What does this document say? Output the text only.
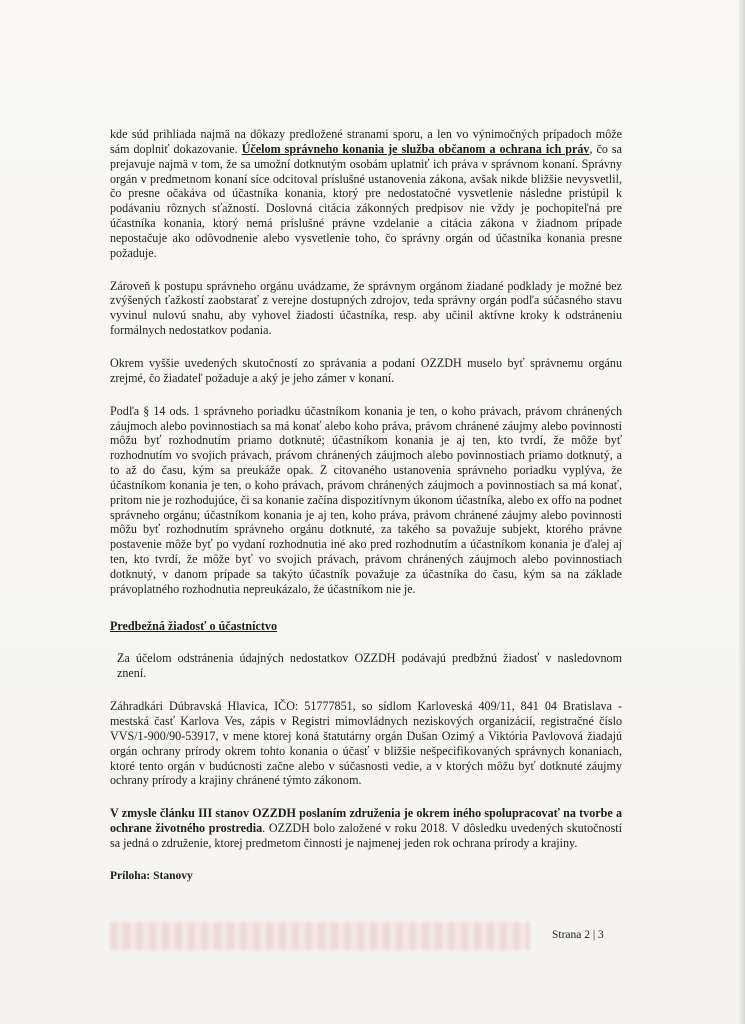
kde súd prihliada najmä na dôkazy predložené stranami sporu, a len vo výnimočných prípadoch môže sám doplniť dokazovanie. Účelom správneho konania je služba občanom a ochrana ich práv, čo sa prejavuje najmä v tom, že sa umožní dotknutým osobám uplatniť ich práva v správnom konaní. Správny orgán v predmetnom konaní síce odcitoval príslušné ustanovenia zákona, avšak nikde bližšie nevysvetlil, čo presne očakáva od účastníka konania, ktorý pre nedostatočné vysvetlenie následne pristúpil k podávaniu rôznych sťažností. Doslovná citácia zákonných predpisov nie vždy je pochopiteľná pre účastníka konania, ktorý nemá príslušné právne vzdelanie a citácia zákona v žiadnom prípade nepostačuje ako odôvodnenie alebo vysvetlenie toho, čo správny orgán od účastníka konania presne požaduje.

Zároveň k postupu správneho orgánu uvádzame, že správnym orgánom žiadané podklady je možné bez zvýšených ťažkostí zaobstarať z verejne dostupných zdrojov, teda správny orgán podľa súčasného stavu vyvinul nulovú snahu, aby vyhovel žiadosti účastníka, resp. aby učinil aktívne kroky k odstráneniu formálnych nedostatkov podania.

Okrem vyššie uvedených skutočností zo správania a podaní OZZDH muselo byť správnemu orgánu zrejmé, čo žiadateľ požaduje a aký je jeho zámer v konaní.

Podľa § 14 ods. 1 správneho poriadku účastníkom konania je ten, o koho právach, právom chránených záujmoch alebo povinnostiach sa má konať alebo koho práva, právom chránené záujmy alebo povinnosti môžu byť rozhodnutím priamo dotknuté; účastníkom konania je aj ten, kto tvrdí, že môže byť rozhodnutím vo svojich právach, právom chránených záujmoch alebo povinnostiach priamo dotknutý, a to až do času, kým sa preukáže opak. Z citovaného ustanovenia správneho poriadku vyplýva, že účastníkom konania je ten, o koho právach, právom chránených záujmoch a povinnostiach sa má konať, pritom nie je rozhodujúce, či sa konanie začína dispozitívnym úkonom účastníka, alebo ex offo na podnet správneho orgánu; účastníkom konania je aj ten, koho práva, právom chránené záujmy alebo povinnosti môžu byť rozhodnutím správneho orgánu dotknuté, za takého sa považuje subjekt, ktorého právne postavenie môže byť po vydaní rozhodnutia iné ako pred rozhodnutím a účastníkom konania je ďalej aj ten, kto tvrdí, že môže byť vo svojich právach, právom chránených záujmoch alebo povinnostiach dotknutý, v danom prípade sa takýto účastník považuje za účastníka do času, kým sa na základe právoplatného rozhodnutia nepreukázalo, že účastníkom nie je.

Predbežná žiadosť o účastníctvo

Za účelom odstránenia údajných nedostatkov OZZDH podávajú predbžnú žiadosť v nasledovnom znení.

Záhradkári Dúbravská Hlavica, IČO: 51777851, so sídlom Karloveská 409/11, 841 04 Bratislava - mestská časť Karlova Ves, zápis v Registri mimovládnych neziskových organizácií, registračné číslo VVS/1-900/90-53917, v mene ktorej koná štatutárny orgán Dušan Ozimý a Viktória Pavlovová žiadajú orgán ochrany prírody okrem tohto konania o účasť v bližšie nešpecifikovaných správnych konaniach, ktoré tento orgán v budúcnosti začne alebo v súčasnosti vedie, a v ktorých môžu byť dotknuté záujmy ochrany prírody a krajiny chránené týmto zákonom.

V zmysle článku III stanov OZZDH poslaním združenia je okrem iného spolupracovať na tvorbe a ochrane životného prostredia. OZZDH bolo založené v roku 2018. V dôsledku uvedených skutočností sa jedná o združenie, ktorej predmetom činnosti je najmenej jeden rok ochrana prírody a krajiny.

Príloha: Stanovy

Strana 2 | 3
